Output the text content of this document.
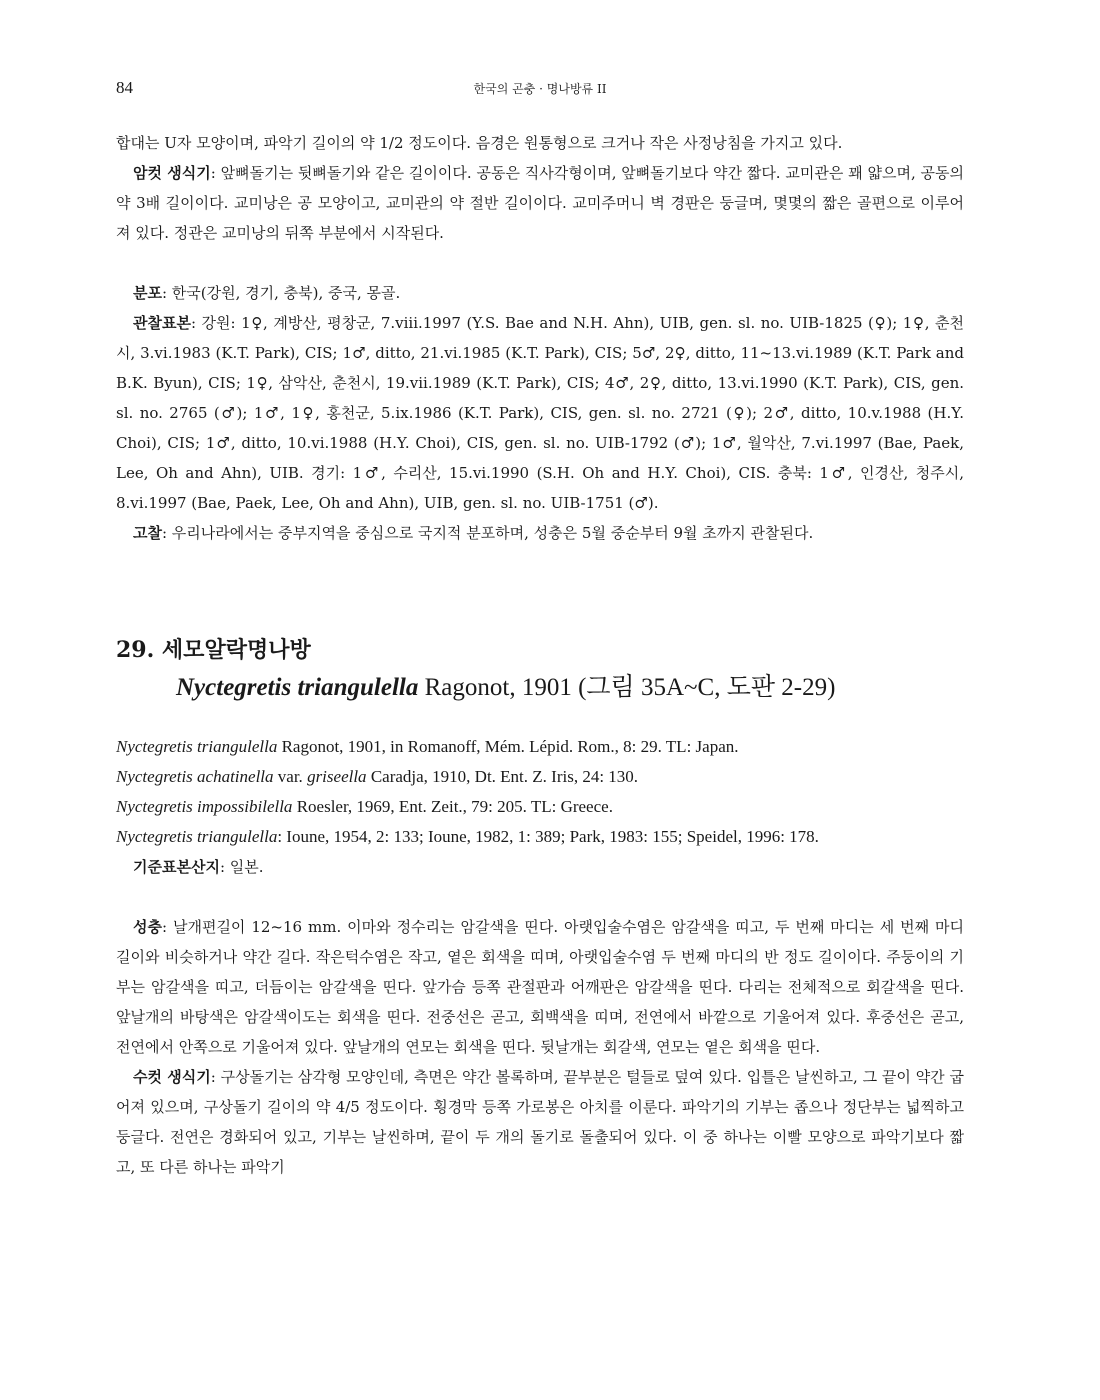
84	한국의 곤충 · 명나방류 II

합대는 U자 모양이며, 파악기 길이의 약 1/2 정도이다. 음경은 원통형으로 크거나 작은 사정낭침을 가지고 있다.

암컷 생식기: 앞뼈돌기는 뒷뼈돌기와 같은 길이이다. 공동은 직사각형이며, 앞뼈돌기보다 약간 짧다. 교미관은 꽤 얇으며, 공동의 약 3배 길이이다. 교미낭은 공 모양이고, 교미관의 약 절반 길이이다. 교미주머니 벽 경판은 둥글며, 몇몇의 짧은 골편으로 이루어져 있다. 정관은 교미낭의 뒤쪽 부분에서 시작된다.

분포: 한국(강원, 경기, 충북), 중국, 몽골.

관찰표본: 강원: 1♀, 계방산, 평창군, 7.viii.1997 (Y.S. Bae and N.H. Ahn), UIB, gen. sl. no. UIB-1825 (♀); 1♀, 춘천시, 3.vi.1983 (K.T. Park), CIS; 1♂, ditto, 21.vi.1985 (K.T. Park), CIS; 5♂, 2♀, ditto, 11~13.vi.1989 (K.T. Park and B.K. Byun), CIS; 1♀, 삼악산, 춘천시, 19.vii.1989 (K.T. Park), CIS; 4♂, 2♀, ditto, 13.vi.1990 (K.T. Park), CIS, gen. sl. no. 2765 (♂); 1♂, 1♀, 홍천군, 5.ix.1986 (K.T. Park), CIS, gen. sl. no. 2721 (♀); 2♂, ditto, 10.v.1988 (H.Y. Choi), CIS; 1♂, ditto, 10.vi.1988 (H.Y. Choi), CIS, gen. sl. no. UIB-1792 (♂); 1♂, 월악산, 7.vi.1997 (Bae, Paek, Lee, Oh and Ahn), UIB. 경기: 1♂, 수리산, 15.vi.1990 (S.H. Oh and H.Y. Choi), CIS. 충북: 1♂, 인경산, 청주시, 8.vi.1997 (Bae, Paek, Lee, Oh and Ahn), UIB, gen. sl. no. UIB-1751 (♂).

고찰: 우리나라에서는 중부지역을 중심으로 국지적 분포하며, 성충은 5월 중순부터 9월 초까지 관찰된다.

29. 세모알락명나방
Nyctegretis triangulella Ragonot, 1901 (그림 35A~C, 도판 2-29)

Nyctegretis triangulella Ragonot, 1901, in Romanoff, Mém. Lépid. Rom., 8: 29. TL: Japan.

Nyctegretis achatinella var. griseella Caradja, 1910, Dt. Ent. Z. Iris, 24: 130.

Nyctegretis impossibilella Roesler, 1969, Ent. Zeit., 79: 205. TL: Greece.

Nyctegretis triangulella: Ioune, 1954, 2: 133; Ioune, 1982, 1: 389; Park, 1983: 155; Speidel, 1996: 178.

기준표본산지: 일본.

성충: 날개편길이 12~16 mm. 이마와 정수리는 암갈색을 띤다. 아랫입술수염은 암갈색을 띠고, 두 번째 마디는 세 번째 마디 길이와 비슷하거나 약간 길다. 작은턱수염은 작고, 옅은 회색을 띠며, 아랫입술수염 두 번째 마디의 반 정도 길이이다. 주둥이의 기부는 암갈색을 띠고, 더듬이는 암갈색을 띤다. 앞가슴 등쪽 관절판과 어깨판은 암갈색을 띤다. 다리는 전체적으로 회갈색을 띤다. 앞날개의 바탕색은 암갈색이도는 회색을 띤다. 전중선은 곧고, 회백색을 띠며, 전연에서 바깥으로 기울어져 있다. 후중선은 곧고, 전연에서 안쪽으로 기울어져 있다. 앞날개의 연모는 회색을 띤다. 뒷날개는 회갈색, 연모는 옅은 회색을 띤다.

수컷 생식기: 구상돌기는 삼각형 모양인데, 측면은 약간 볼록하며, 끝부분은 털들로 덮여 있다. 입틀은 날씬하고, 그 끝이 약간 굽어져 있으며, 구상돌기 길이의 약 4/5 정도이다. 횡경막 등쪽 가로봉은 아치를 이룬다. 파악기의 기부는 좁으나 정단부는 넓찍하고 둥글다. 전연은 경화되어 있고, 기부는 날씬하며, 끝이 두 개의 돌기로 돌출되어 있다. 이 중 하나는 이빨 모양으로 파악기보다 짧고, 또 다른 하나는 파악기
